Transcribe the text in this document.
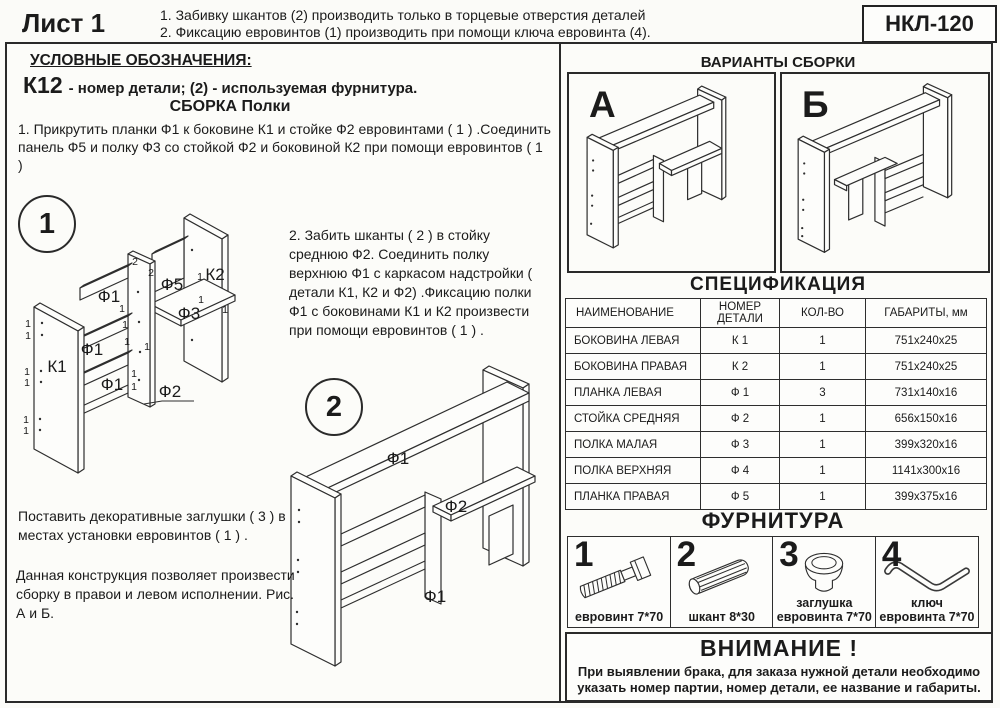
Лист 1	1. Забивку шкантов (2) производить только в торцевые отверстия деталей
2. Фиксацию евровинтов (1) производить при помощи ключа евровинта (4).	НКЛ-120
УСЛОВНЫЕ ОБОЗНАЧЕНИЯ:
К12 - номер детали; (2) - используемая фурнитура.
СБОРКА Полки

1. Прикрутить планки Ф1 к боковине К1 и стойке Ф2 евровинтами ( 1 ) .Соединить панель Ф5 и полку Ф3 со стойкой Ф2 и боковиной К2 при помощи евровинтов ( 1 )

1
Ф1
Ф5
К2
Ф1
Ф3
К1
Ф1 Ф2
2
2	1
1
1
1
1
1
1
1
1
1
1
1 1
1
1
2. Забить шканты ( 2 ) в стойку среднюю Ф2. Соединить полку верхнюю Ф1 с каркасом надстройки ( детали К1, К2 и Ф2) .Фиксацию полки Ф1 с боковинами К1 и К2 произвести при помощи евровинтов ( 1 ) .
2
Ф1
Ф2
Ф1

Поставить декоративные заглушки ( 3 ) в местах установки евровинтов ( 1 ) .

Данная конструкция позволяет произвести сборку в правои и левом исполнении. Рис. А и Б.

ВАРИАНТЫ СБОРКИ
А	Б
СПЕЦИФИКАЦИЯ
НАИМЕНОВАНИЕ	НОМЕР ДЕТАЛИ	КОЛ-ВО	ГАБАРИТЫ, мм
БОКОВИНА ЛЕВАЯ	К 1	1	751x240x25
БОКОВИНА ПРАВАЯ	К 2	1	751x240x25
ПЛАНКА ЛЕВАЯ	Ф 1	3	731x140x16
СТОЙКА СРЕДНЯЯ	Ф 2	1	656x150x16
ПОЛКА МАЛАЯ	Ф 3	1	399x320x16
ПОЛКА ВЕРХНЯЯ	Ф 4	1	1141x300x16
ПЛАНКА ПРАВАЯ	Ф 5	1	399x375x16
ФУРНИТУРА
1
евровинт 7*70
2
шкант 8*30
3
заглушка
евровинта 7*70
4
ключ
евровинта 7*70
ВНИМАНИЕ !
При выявлении брака, для заказа нужной детали необходимо указать номер партии, номер детали, ее название и габариты.
